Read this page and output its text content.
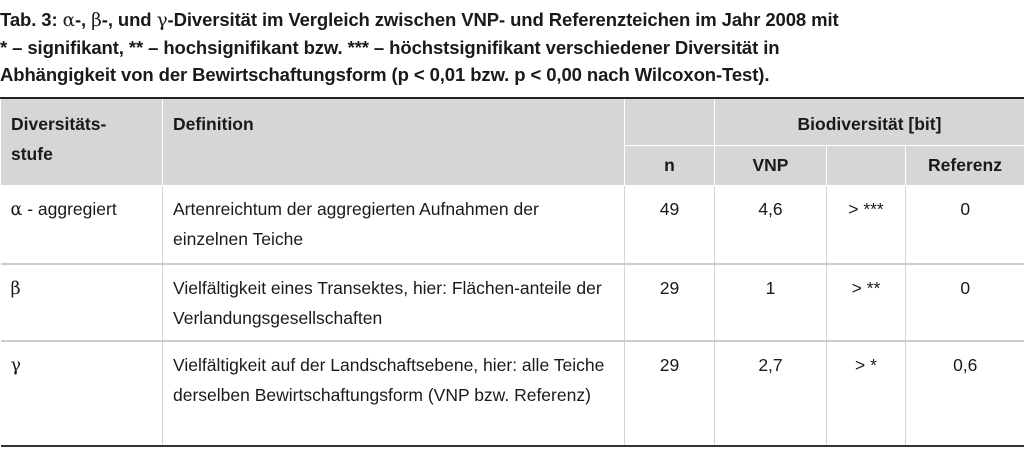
Tab. 3: α-, β-, und γ-Diversität im Vergleich zwischen VNP- und Referenzteichen im Jahr 2008 mit
* – signifikant, ** – hochsignifikant bzw. *** – höchstsignifikant verschiedener Diversität in
Abhängigkeit von der Bewirtschaftungsform (p < 0,01 bzw. p < 0,00 nach Wilcoxon-Test).
Diversitäts-stufe	Definition		Biodiversität [bit]		
		n	VNP		Referenz
α - aggregiert	Artenreichtum der aggregierten Aufnahmen der einzelnen Teiche	49	4,6	> ***	0
β	Vielfältigkeit eines Transektes, hier: Flächen-anteile der Verlandungsgesellschaften	29	1	> **	0
γ	Vielfältigkeit auf der Landschaftsebene, hier: alle Teiche derselben Bewirtschaftungsform (VNP bzw. Referenz)	29	2,7	> *	0,6
